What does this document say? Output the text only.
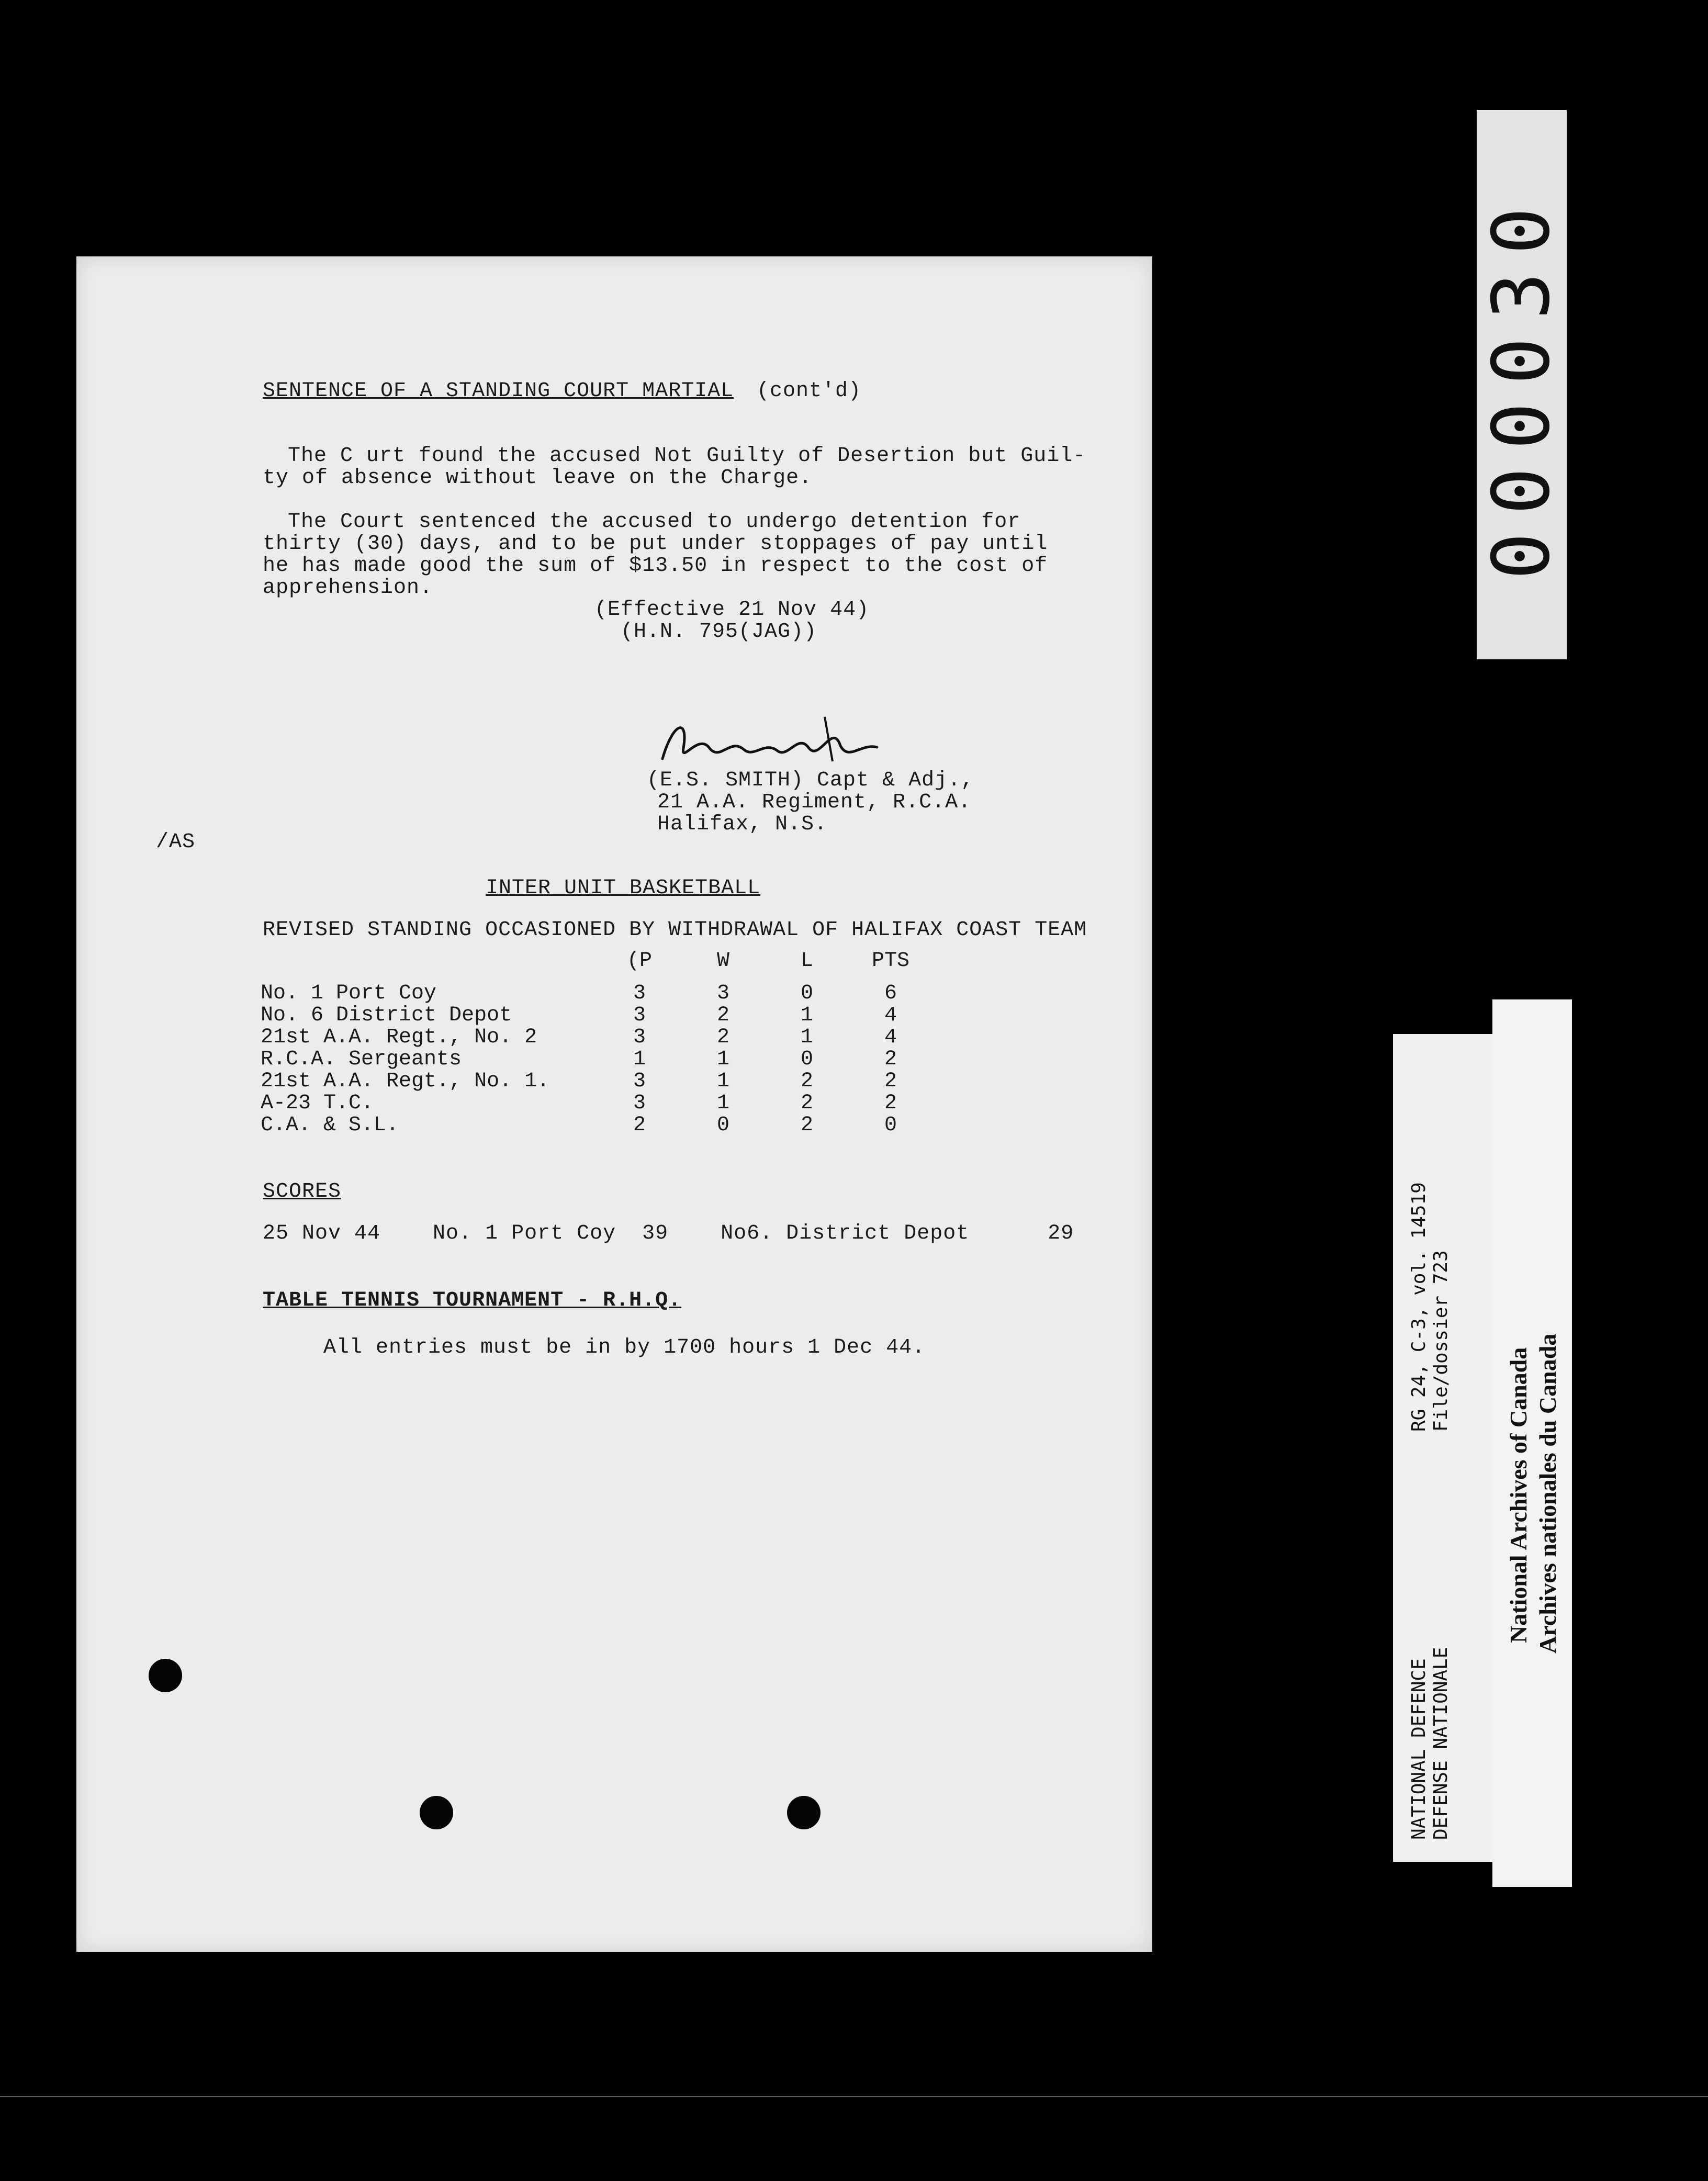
SENTENCE OF A STANDING COURT MARTIAL (cont'd)
The C urt found the accused Not Guilty of Desertion but Guil-
ty of absence without leave on the Charge.
The Court sentenced the accused to undergo detention for
thirty (30) days, and to be put under stoppages of pay until
he has made good the sum of $13.50 in respect to the cost of
apprehension.
(Effective 21 Nov 44)
(H.N. 795(JAG))
(E.S. SMITH) Capt & Adj.,
21 A.A. Regiment, R.C.A.
Halifax, N.S.
/AS
INTER UNIT BASKETBALL
REVISED STANDING OCCASIONED BY WITHDRAWAL OF HALIFAX COAST TEAM
	(P	W	L	PTS

No. 1 Port Coy	3	3	0	6
No. 6 District Depot	3	2	1	4
21st A.A. Regt., No. 2	3	2	1	4
R.C.A. Sergeants	1	1	0	2
21st A.A. Regt., No. 1.	3	1	2	2
A-23 T.C.	3	1	2	2
C.A. & S.L.	2	0	2	0
SCORES
25 Nov 44    No. 1 Port Coy  39    No6. District Depot      29
TABLE TENNIS TOURNAMENT - R.H.Q.
All entries must be in by 1700 hours 1 Dec 44.
000030
RG 24, C-3, vol. 14519 File/dossier 723
NATIONAL DEFENCE DEFENSE NATIONALE
National Archives of Canada Archives nationales du Canada
